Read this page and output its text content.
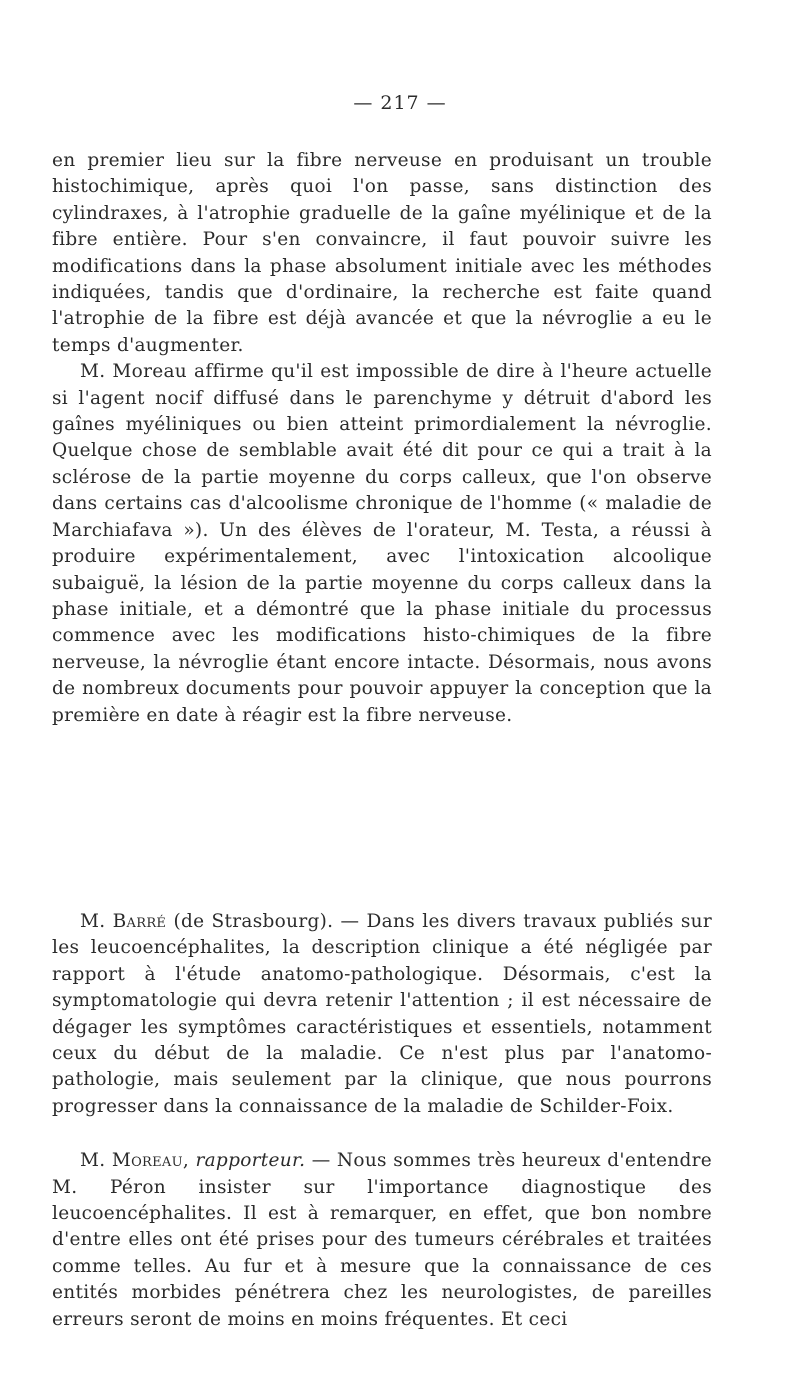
— 217 —

en premier lieu sur la fibre nerveuse en produisant un trouble histochimique, après quoi l'on passe, sans distinction des cylindraxes, à l'atrophie graduelle de la gaîne myélinique et de la fibre entière. Pour s'en convaincre, il faut pouvoir suivre les modifications dans la phase absolument initiale avec les méthodes indiquées, tandis que d'ordinaire, la recherche est faite quand l'atrophie de la fibre est déjà avancée et que la névroglie a eu le temps d'augmenter.

M. Moreau affirme qu'il est impossible de dire à l'heure actuelle si l'agent nocif diffusé dans le parenchyme y détruit d'abord les gaînes myéliniques ou bien atteint primordialement la névroglie. Quelque chose de semblable avait été dit pour ce qui a trait à la sclérose de la partie moyenne du corps calleux, que l'on observe dans certains cas d'alcoolisme chronique de l'homme (« maladie de Marchiafava »). Un des élèves de l'orateur, M. Testa, a réussi à produire expérimentalement, avec l'intoxication alcoolique subaiguë, la lésion de la partie moyenne du corps calleux dans la phase initiale, et a démontré que la phase initiale du processus commence avec les modifications histo-chimiques de la fibre nerveuse, la névroglie étant encore intacte. Désormais, nous avons de nombreux documents pour pouvoir appuyer la conception que la première en date à réagir est la fibre nerveuse.

M. Barré (de Strasbourg). — Dans les divers travaux publiés sur les leucoencéphalites, la description clinique a été négligée par rapport à l'étude anatomo-pathologique. Désormais, c'est la symptomatologie qui devra retenir l'attention ; il est nécessaire de dégager les symptômes caractéristiques et essentiels, notamment ceux du début de la maladie. Ce n'est plus par l'anatomo-pathologie, mais seulement par la clinique, que nous pourrons progresser dans la connaissance de la maladie de Schilder-Foix.

M. Moreau, rapporteur. — Nous sommes très heureux d'entendre M. Péron insister sur l'importance diagnostique des leucoencéphalites. Il est à remarquer, en effet, que bon nombre d'entre elles ont été prises pour des tumeurs cérébrales et traitées comme telles. Au fur et à mesure que la connaissance de ces entités morbides pénétrera chez les neurologistes, de pareilles erreurs seront de moins en moins fréquentes. Et ceci
